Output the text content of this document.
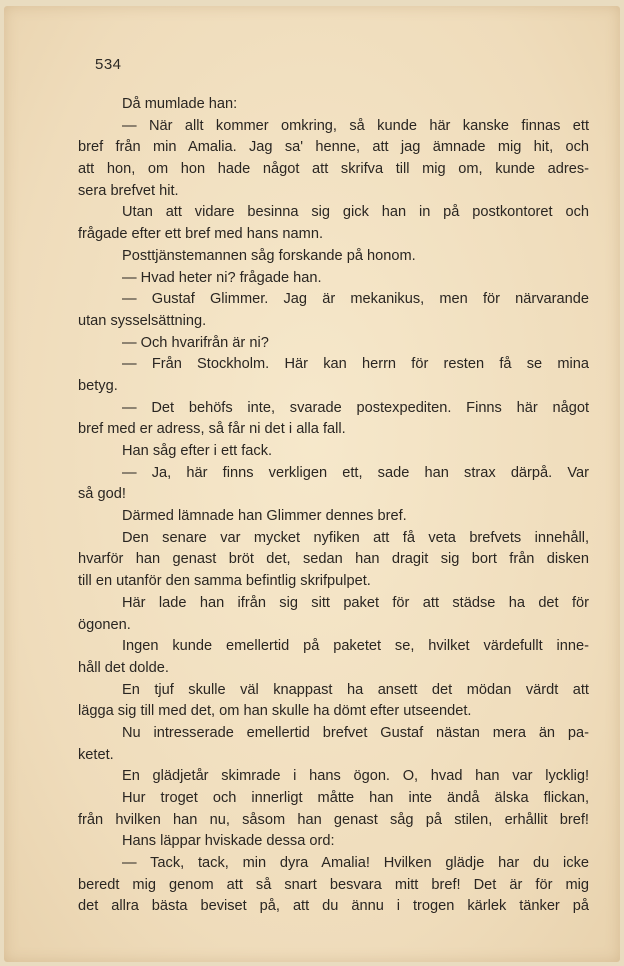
534
Då mumlade han:
— När allt kommer omkring, så kunde här kanske finnas ett
bref från min Amalia. Jag sa' henne, att jag ämnade mig hit, och
att hon, om hon hade något att skrifva till mig om, kunde adres-
sera brefvet hit.
Utan att vidare besinna sig gick han in på postkontoret och
frågade efter ett bref med hans namn.
Posttjänstemannen såg forskande på honom.
— Hvad heter ni? frågade han.
— Gustaf Glimmer. Jag är mekanikus, men för närvarande
utan sysselsättning.
— Och hvarifrån är ni?
— Från Stockholm. Här kan herrn för resten få se mina
betyg.
— Det behöfs inte, svarade postexpediten. Finns här något
bref med er adress, så får ni det i alla fall.
Han såg efter i ett fack.
— Ja, här finns verkligen ett, sade han strax därpå. Var
så god!
Därmed lämnade han Glimmer dennes bref.
Den senare var mycket nyfiken att få veta brefvets innehåll,
hvarför han genast bröt det, sedan han dragit sig bort från disken
till en utanför den samma befintlig skrifpulpet.
Här lade han ifrån sig sitt paket för att städse ha det för
ögonen.
Ingen kunde emellertid på paketet se, hvilket värdefullt inne-
håll det dolde.
En tjuf skulle väl knappast ha ansett det mödan värdt att
lägga sig till med det, om han skulle ha dömt efter utseendet.
Nu intresserade emellertid brefvet Gustaf nästan mera än pa-
ketet.
En glädjetår skimrade i hans ögon. O, hvad han var lycklig!
Hur troget och innerligt måtte han inte ändå älska flickan,
från hvilken han nu, såsom han genast såg på stilen, erhållit bref!
Hans läppar hviskade dessa ord:
— Tack, tack, min dyra Amalia! Hvilken glädje har du icke
beredt mig genom att så snart besvara mitt bref! Det är för mig
det allra bästa beviset på, att du ännu i trogen kärlek tänker på
